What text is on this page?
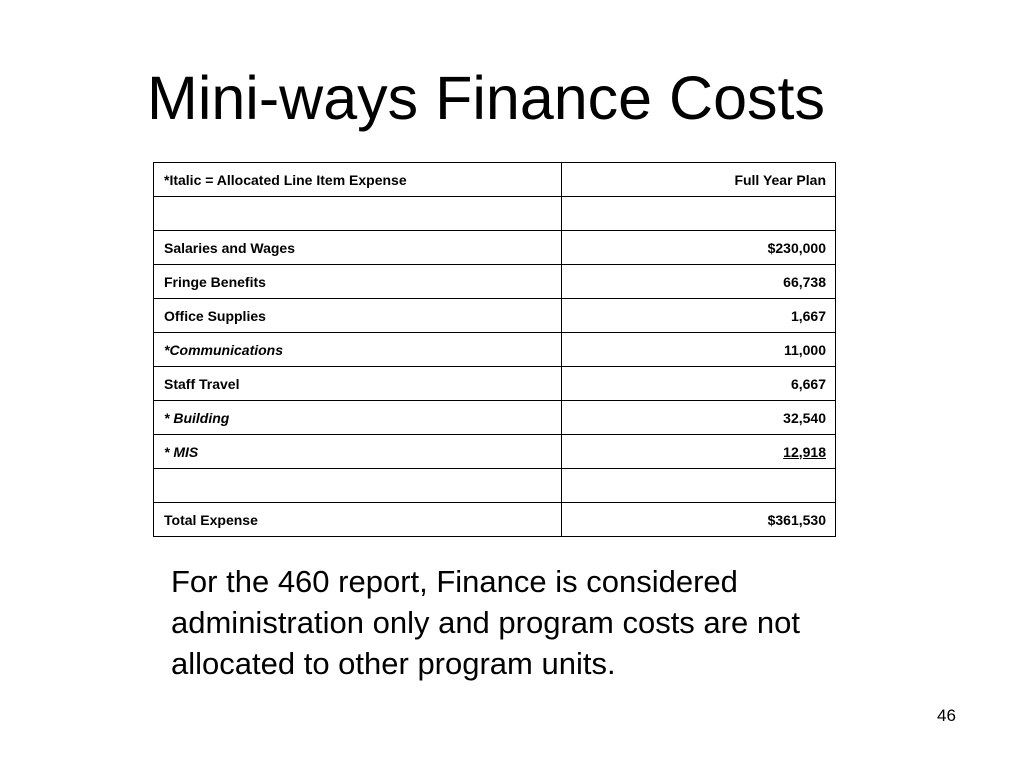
Mini-ways Finance Costs
*Italic = Allocated Line Item Expense	Full Year Plan

Salaries and Wages	$230,000
Fringe Benefits	66,738
Office Supplies	1,667
*Communications	11,000
Staff Travel	6,667
* Building	32,540
* MIS	12,918

Total Expense	$361,530

For the 460 report, Finance is considered administration only and program costs are not allocated to other program units.

46
